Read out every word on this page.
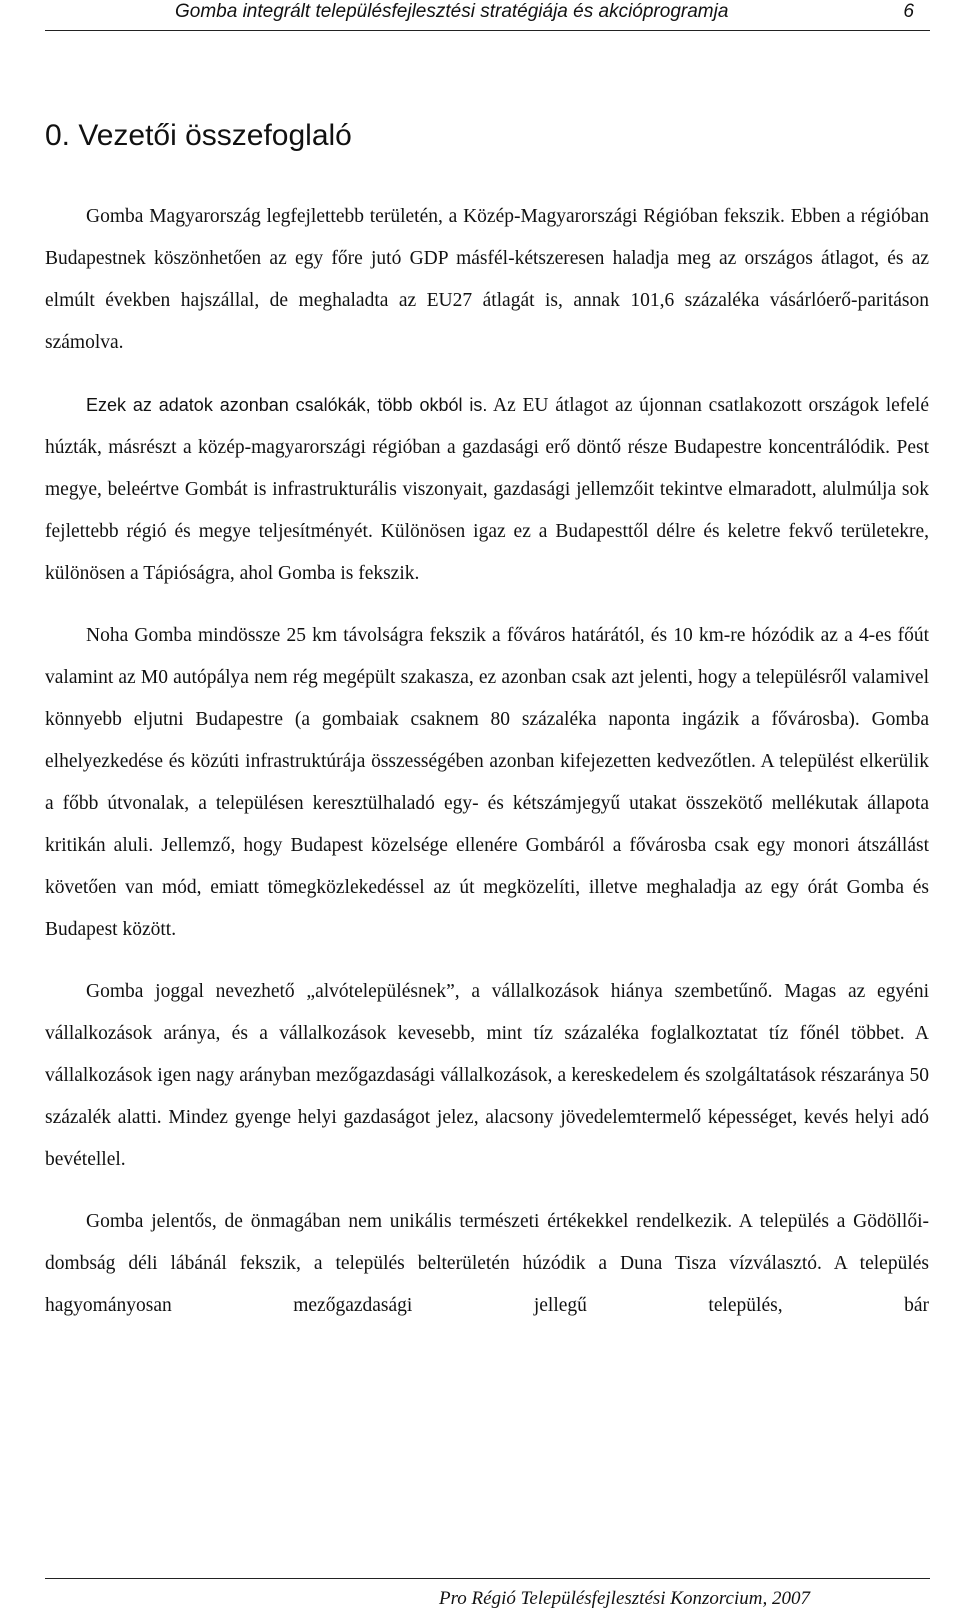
Gomba integrált településfejlesztési stratégiája és akcióprogramja	6
0. Vezetői összefoglaló

Gomba Magyarország legfejlettebb területén, a Közép-Magyarországi Régióban fekszik. Ebben a régióban Budapestnek köszönhetően az egy főre jutó GDP másfél-kétszeresen haladja meg az országos átlagot, és az elmúlt években hajszállal, de meghaladta az EU27 átlagát is, annak 101,6 százaléka vásárlóerő-paritáson számolva.

Ezek az adatok azonban csalókák, több okból is. Az EU átlagot az újonnan csatlakozott országok lefelé húzták, másrészt a közép-magyarországi régióban a gazdasági erő döntő része Budapestre koncentrálódik. Pest megye, beleértve Gombát is infrastrukturális viszonyait, gazdasági jellemzőit tekintve elmaradott, alulmúlja sok fejlettebb régió és megye teljesítményét. Különösen igaz ez a Budapesttől délre és keletre fekvő területekre, különösen a Tápióságra, ahol Gomba is fekszik.

Noha Gomba mindössze 25 km távolságra fekszik a főváros határától, és 10 km-re hózódik az a 4-es főút valamint az M0 autópálya nem rég megépült szakasza, ez azonban csak azt jelenti, hogy a településről valamivel könnyebb eljutni Budapestre (a gombaiak csaknem 80 százaléka naponta ingázik a fővárosba). Gomba elhelyezkedése és közúti infrastruktúrája összességében azonban kifejezetten kedvezőtlen. A települést elkerülik a főbb útvonalak, a településen keresztülhaladó egy- és kétszámjegyű utakat összekötő mellékutak állapota kritikán aluli. Jellemző, hogy Budapest közelsége ellenére Gombáról a fővárosba csak egy monori átszállást követően van mód, emiatt tömegközlekedéssel az út megközelíti, illetve meghaladja az egy órát Gomba és Budapest között.

Gomba joggal nevezhető „alvótelepülésnek”, a vállalkozások hiánya szembetűnő. Magas az egyéni vállalkozások aránya, és a vállalkozások kevesebb, mint tíz százaléka foglalkoztatat tíz főnél többet. A vállalkozások igen nagy arányban mezőgazdasági vállalkozások, a kereskedelem és szolgáltatások részaránya 50 százalék alatti. Mindez gyenge helyi gazdaságot jelez, alacsony jövedelemtermelő képességet, kevés helyi adó bevétellel.

Gomba jelentős, de önmagában nem unikális természeti értékekkel rendelkezik. A település a Gödöllői-dombság déli lábánál fekszik, a település belterületén húzódik a Duna Tisza vízválasztó. A település hagyományosan mezőgazdasági jellegű település, bár

Pro Régió Településfejlesztési Konzorcium, 2007
